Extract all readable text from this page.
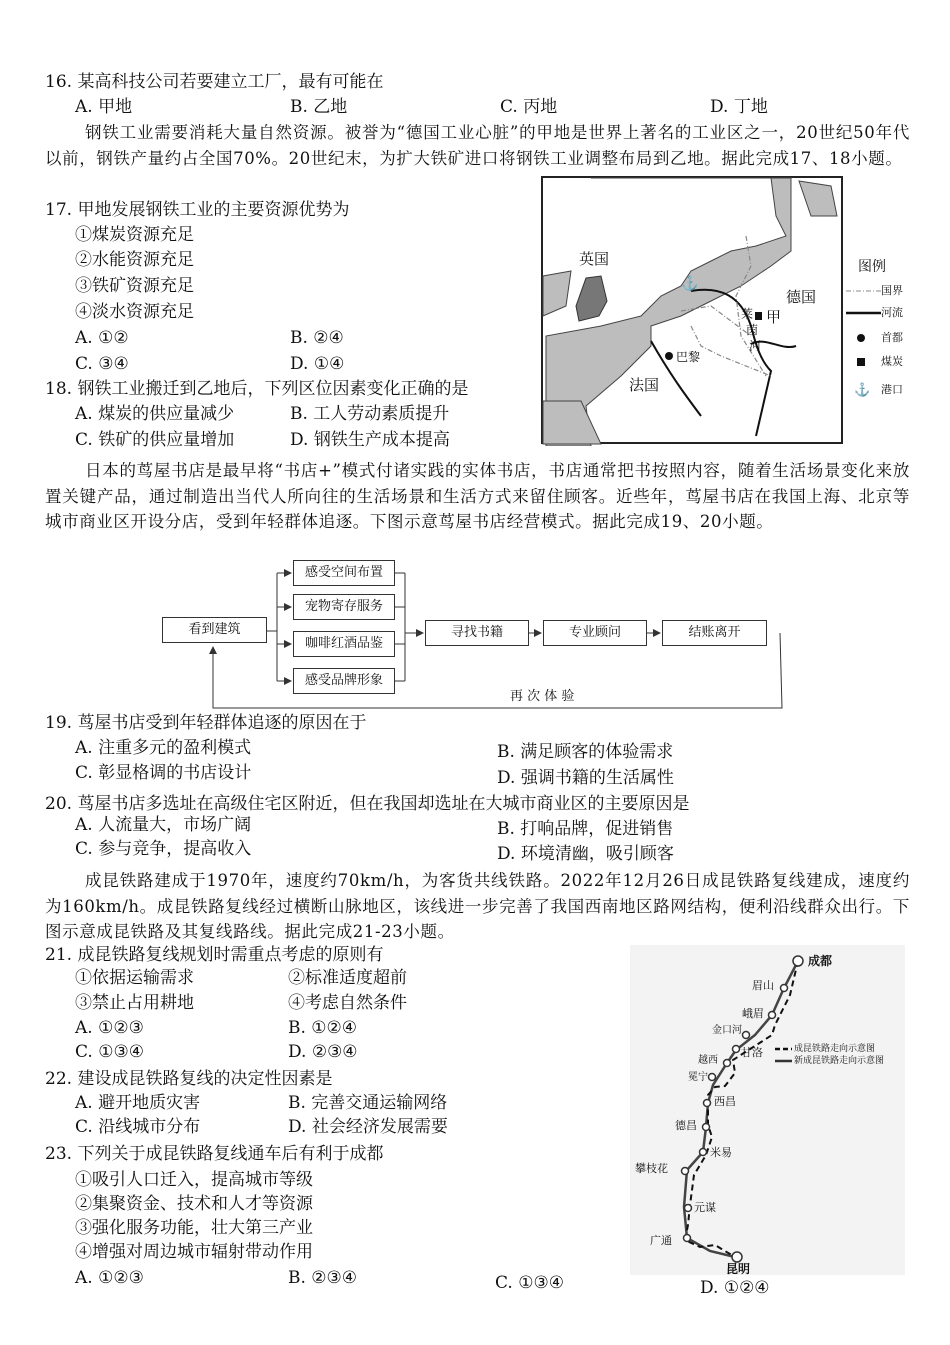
16. 某高科技公司若要建立工厂，最有可能在
A. 甲地	B. 乙地	C. 丙地	D. 丁地
钢铁工业需要消耗大量自然资源。被誉为“德国工业心脏”的甲地是世界上著名的工业区之一，20世纪50年代以前，钢铁产量约占全国70%。20世纪末，为扩大铁矿进口将钢铁工业调整布局到乙地。据此完成17、18小题。
17. 甲地发展钢铁工业的主要资源优势为
①煤炭资源充足
②水能资源充足
③铁矿资源充足
④淡水资源充足
A. ①②	B. ②④
C. ③④	D. ①④
18. 钢铁工业搬迁到乙地后，下列区位因素变化正确的是
A. 煤炭的供应量减少	B. 工人劳动素质提升
C. 铁矿的供应量增加	D. 钢铁生产成本提高
⚓
⚓
英国
德国
法国
巴黎
甲
莱
茵
河
图例
国界
河流
首都
煤炭
港口
日本的茑屋书店是最早将“书店+”模式付诸实践的实体书店，书店通常把书按照内容，随着生活场景变化来放置关键产品，通过制造出当代人所向往的生活场景和生活方式来留住顾客。近些年，茑屋书店在我国上海、北京等城市商业区开设分店，受到年轻群体追逐。下图示意茑屋书店经营模式。据此完成19、20小题。
看到建筑
感受空间布置
宠物寄存服务
咖啡红酒品鉴
感受品牌形象
寻找书籍	专业顾问	结账离开
再 次 体 验
19. 茑屋书店受到年轻群体追逐的原因在于
A. 注重多元的盈利模式	B. 满足顾客的体验需求
C. 彰显格调的书店设计	D. 强调书籍的生活属性
20. 茑屋书店多选址在高级住宅区附近，但在我国却选址在大城市商业区的主要原因是
A. 人流量大，市场广阔	B. 打响品牌，促进销售
C. 参与竞争，提高收入	D. 环境清幽，吸引顾客
成昆铁路建成于1970年，速度约70km/h，为客货共线铁路。2022年12月26日成昆铁路复线建成，速度约为160km/h。成昆铁路复线经过横断山脉地区，该线进一步完善了我国西南地区路网结构，便利沿线群众出行。下图示意成昆铁路及其复线路线。据此完成21-23小题。
21. 成昆铁路复线规划时需重点考虑的原则有
①依据运输需求	②标准适度超前
③禁止占用耕地	④考虑自然条件
A. ①②③	B. ①②④
C. ①③④	D. ②③④
22. 建设成昆铁路复线的决定性因素是
A. 避开地质灾害	B. 完善交通运输网络
C. 沿线城市分布	D. 社会经济发展需要
23. 下列关于成昆铁路复线通车后有利于成都
①吸引人口迁入，提高城市等级
②集聚资金、技术和人才等资源
③强化服务功能，壮大第三产业
④增强对周边城市辐射带动作用
A. ①②③	B. ②③④	C. ①③④	D. ①②④
成都
眉山
峨眉
金口河
甘洛
越西
冕宁
西昌
德昌
米易
攀枝花
元谋
广通
昆明
成昆铁路走向示意图
新成昆铁路走向示意图
